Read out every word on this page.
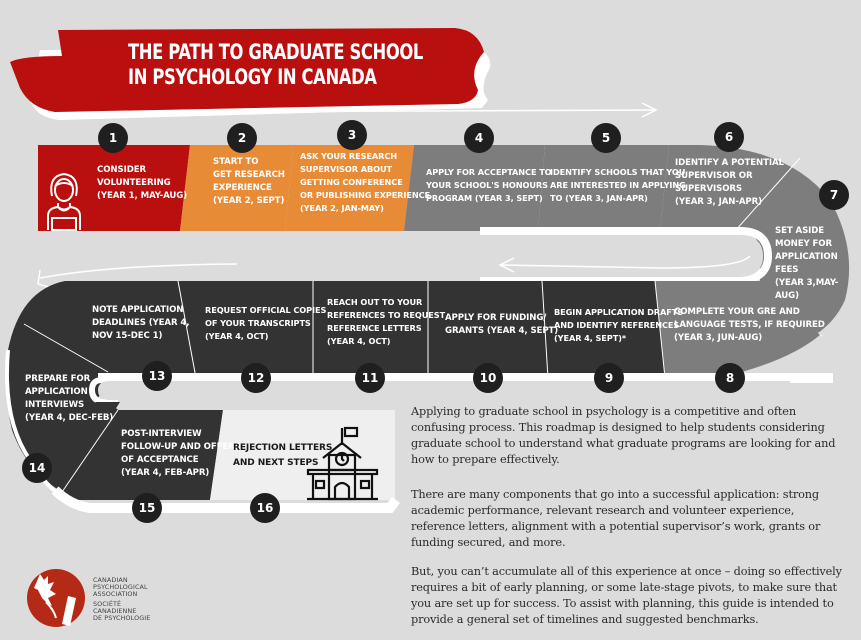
THE PATH TO GRADUATE SCHOOL
IN PSYCHOLOGY IN CANADA
1	2	3	4	5	6
7
8
9
10
11
12
13
14
15	16
CONSIDER
VOLUNTEERING
(YEAR 1, MAY-AUG)
START TO
GET RESEARCH
EXPERIENCE
(YEAR 2, SEPT)
ASK YOUR RESEARCH
SUPERVISOR ABOUT
GETTING CONFERENCE
OR PUBLISHING EXPERIENCE
(YEAR 2, JAN-MAY)
APPLY FOR ACCEPTANCE TO
YOUR SCHOOL'S HONOURS
PROGRAM (YEAR 3, SEPT)
IDENTIFY SCHOOLS THAT YOU
ARE INTERESTED IN APPLYING
TO (YEAR 3, JAN-APR)
IDENTIFY A POTENTIAL
SUPERVISOR OR
SUPERVISORS
(YEAR 3, JAN-APR)
SET ASIDE
MONEY FOR
APPLICATION FEES
(YEAR 3,MAY-AUG)
COMPLETE YOUR GRE AND
LANGUAGE TESTS, IF REQUIRED
(YEAR 3, JUN-AUG)
BEGIN APPLICATION DRAFTS
AND IDENTIFY REFERENCES
(YEAR 4, SEPT)*
APPLY FOR FUNDING/
GRANTS (YEAR 4, SEPT)
REACH OUT TO YOUR
REFERENCES TO REQUEST
REFERENCE LETTERS
(YEAR 4, OCT)
REQUEST OFFICIAL COPIES
OF YOUR TRANSCRIPTS
(YEAR 4, OCT)
NOTE APPLICATION
DEADLINES (YEAR 4,
NOV 15-DEC 1)
PREPARE FOR
APPLICATION
INTERVIEWS
(YEAR 4, DEC-FEB)
POST-INTERVIEW
FOLLOW-UP AND OFFERS
OF ACCEPTANCE
(YEAR 4, FEB-APR)
REJECTION LETTERS
AND NEXT STEPS

Applying to graduate school in psychology is a competitive and often confusing process. This roadmap is designed to help students considering graduate school to understand what graduate programs are looking for and how to prepare effectively.

There are many components that go into a successful application: strong academic performance, relevant research and volunteer experience, reference letters, alignment with a potential supervisor’s work, grants or funding secured, and more.

But, you can’t accumulate all of this experience at once – doing so effectively requires a bit of early planning, or some late-stage pivots, to make sure that you are set up for success. To assist with planning, this guide is intended to provide a general set of timelines and suggested benchmarks.

CANADIAN
PSYCHOLOGICAL
ASSOCIATION
SOCIÉTÉ
CANADIENNE
DE PSYCHOLOGIE
